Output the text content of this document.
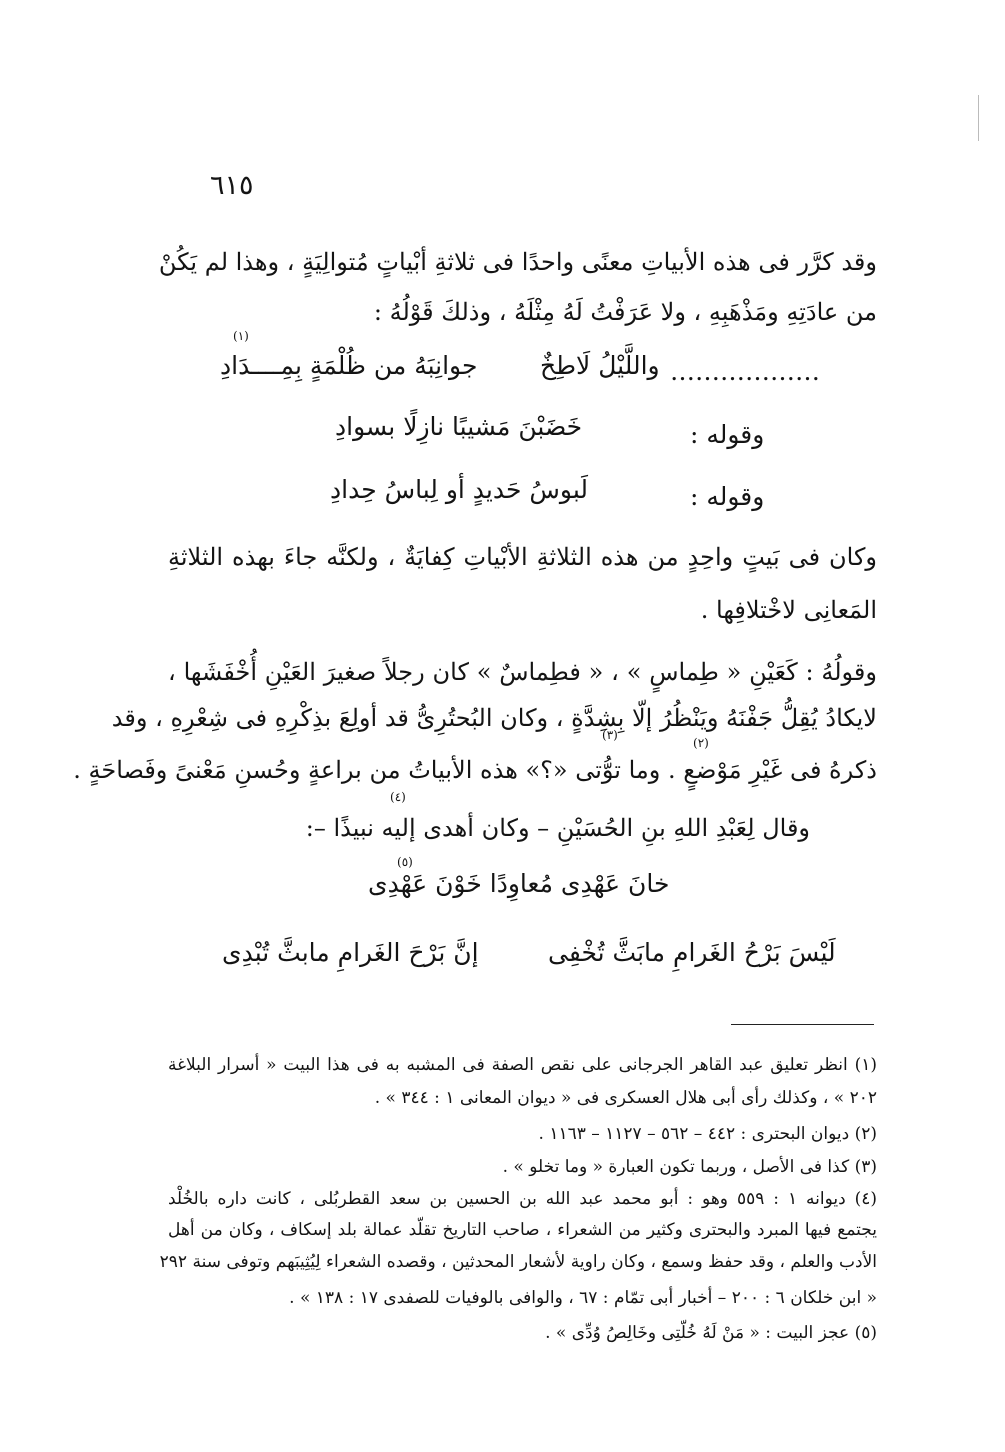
٦١٥
وقد كرَّر فى هذه الأبياتِ معنًى واحدًا فى ثلاثةِ أبْياتٍ مُتوالِيَةٍ ، وهذا لم يَكُنْ
من عادَتِهِ ومَذْهَبِهِ ، ولا عَرَفْتُ لَهُ مِثْلَهُ ، وذلكَ قَوْلُهُ :
(١)
جوانِبَهُ من ظُلْمَةٍ بِمِــــدَادِ	واللَّيْلُ لَاطِخٌ ………………
وقوله :
خَضَبْنَ مَشيبًا نازِلًا بسوادِ
وقوله :
لَبوسُ حَديدٍ أو لِباسُ حِدادِ
وكان فى بَيتٍ واحِدٍ من هذه الثلاثةِ الأبْياتِ كِفايَةٌ ، ولكنَّه جاءَ بهذه الثلاثةِ
المَعانِى لاخْتلافِها .
وقولُهُ : كَعَيْنِ « طِماسٍ » ، « فطِماسٌ » كان رجلاً صغيرَ العَيْنِ أُخْفَشَها ،
(٢)
(٣)
لايكادُ يُقِلُّ جَفْنَهُ ويَنْظُرُ إلّا بِشِدَّةٍ ، وكان البُحتُرِىُّ قد أولِعَ بذِكْرِهِ فى شِعْرِهِ ، وقد
ذكرهُ فى غَيْرِ مَوْضعٍ . وما توُّتى «؟» هذه الأبياتُ من براعةٍ وحُسنِ مَعْنىً وفَصاحَةٍ .
(٤)
وقال لِعَبْدِ اللهِ بنِ الحُسَيْنِ – وكان أهدى إليه نبيذًا –:
(٥)
خانَ عَهْدِى مُعاوِدًا خَوْنَ عَهْدِى
لَيْسَ بَرْحُ الغَرامِ مابَثَّ تُخْفِى
إنَّ بَرْحَ الغَرامِ مابثَّ تُبْدِى
(١) انظر تعليق عبد القاهر الجرجانى على نقص الصفة فى المشبه به فى هذا البيت « أسرار البلاغة
٢٠٢ » ، وكذلك رأى أبى هلال العسكرى فى « ديوان المعانى ١ : ٣٤٤ » .
(٢) ديوان البحترى : ٤٤٢ – ٥٦٢ – ١١٢٧ – ١١٦٣ .
(٣) كذا فى الأصل ، وربما تكون العبارة « وما تخلو » .
(٤) ديوانه ١ : ٥٥٩ وهو : أبو محمد عبد الله بن الحسين بن سعد القطربُلى ، كانت داره بالخُلْد
يجتمع فيها المبرد والبحترى وكثير من الشعراء ، صاحب التاريخ تقلّد عمالة بلد إسكاف ، وكان من أهل
الأدب والعلم ، وقد حفظ وسمع ، وكان راوية لأشعار المحدثين ، وقصده الشعراء لِيُثِيبَهم وتوفى سنة ٢٩٢
« ابن خلكان ٦ : ٢٠٠ – أخبار أبى تمّام : ٦٧ ، والوافى بالوفيات للصفدى ١٧ : ١٣٨ » .
(٥) عجز البيت : « مَنْ لَهُ خُلّتِى وخَالِصُ وُدِّى » .
